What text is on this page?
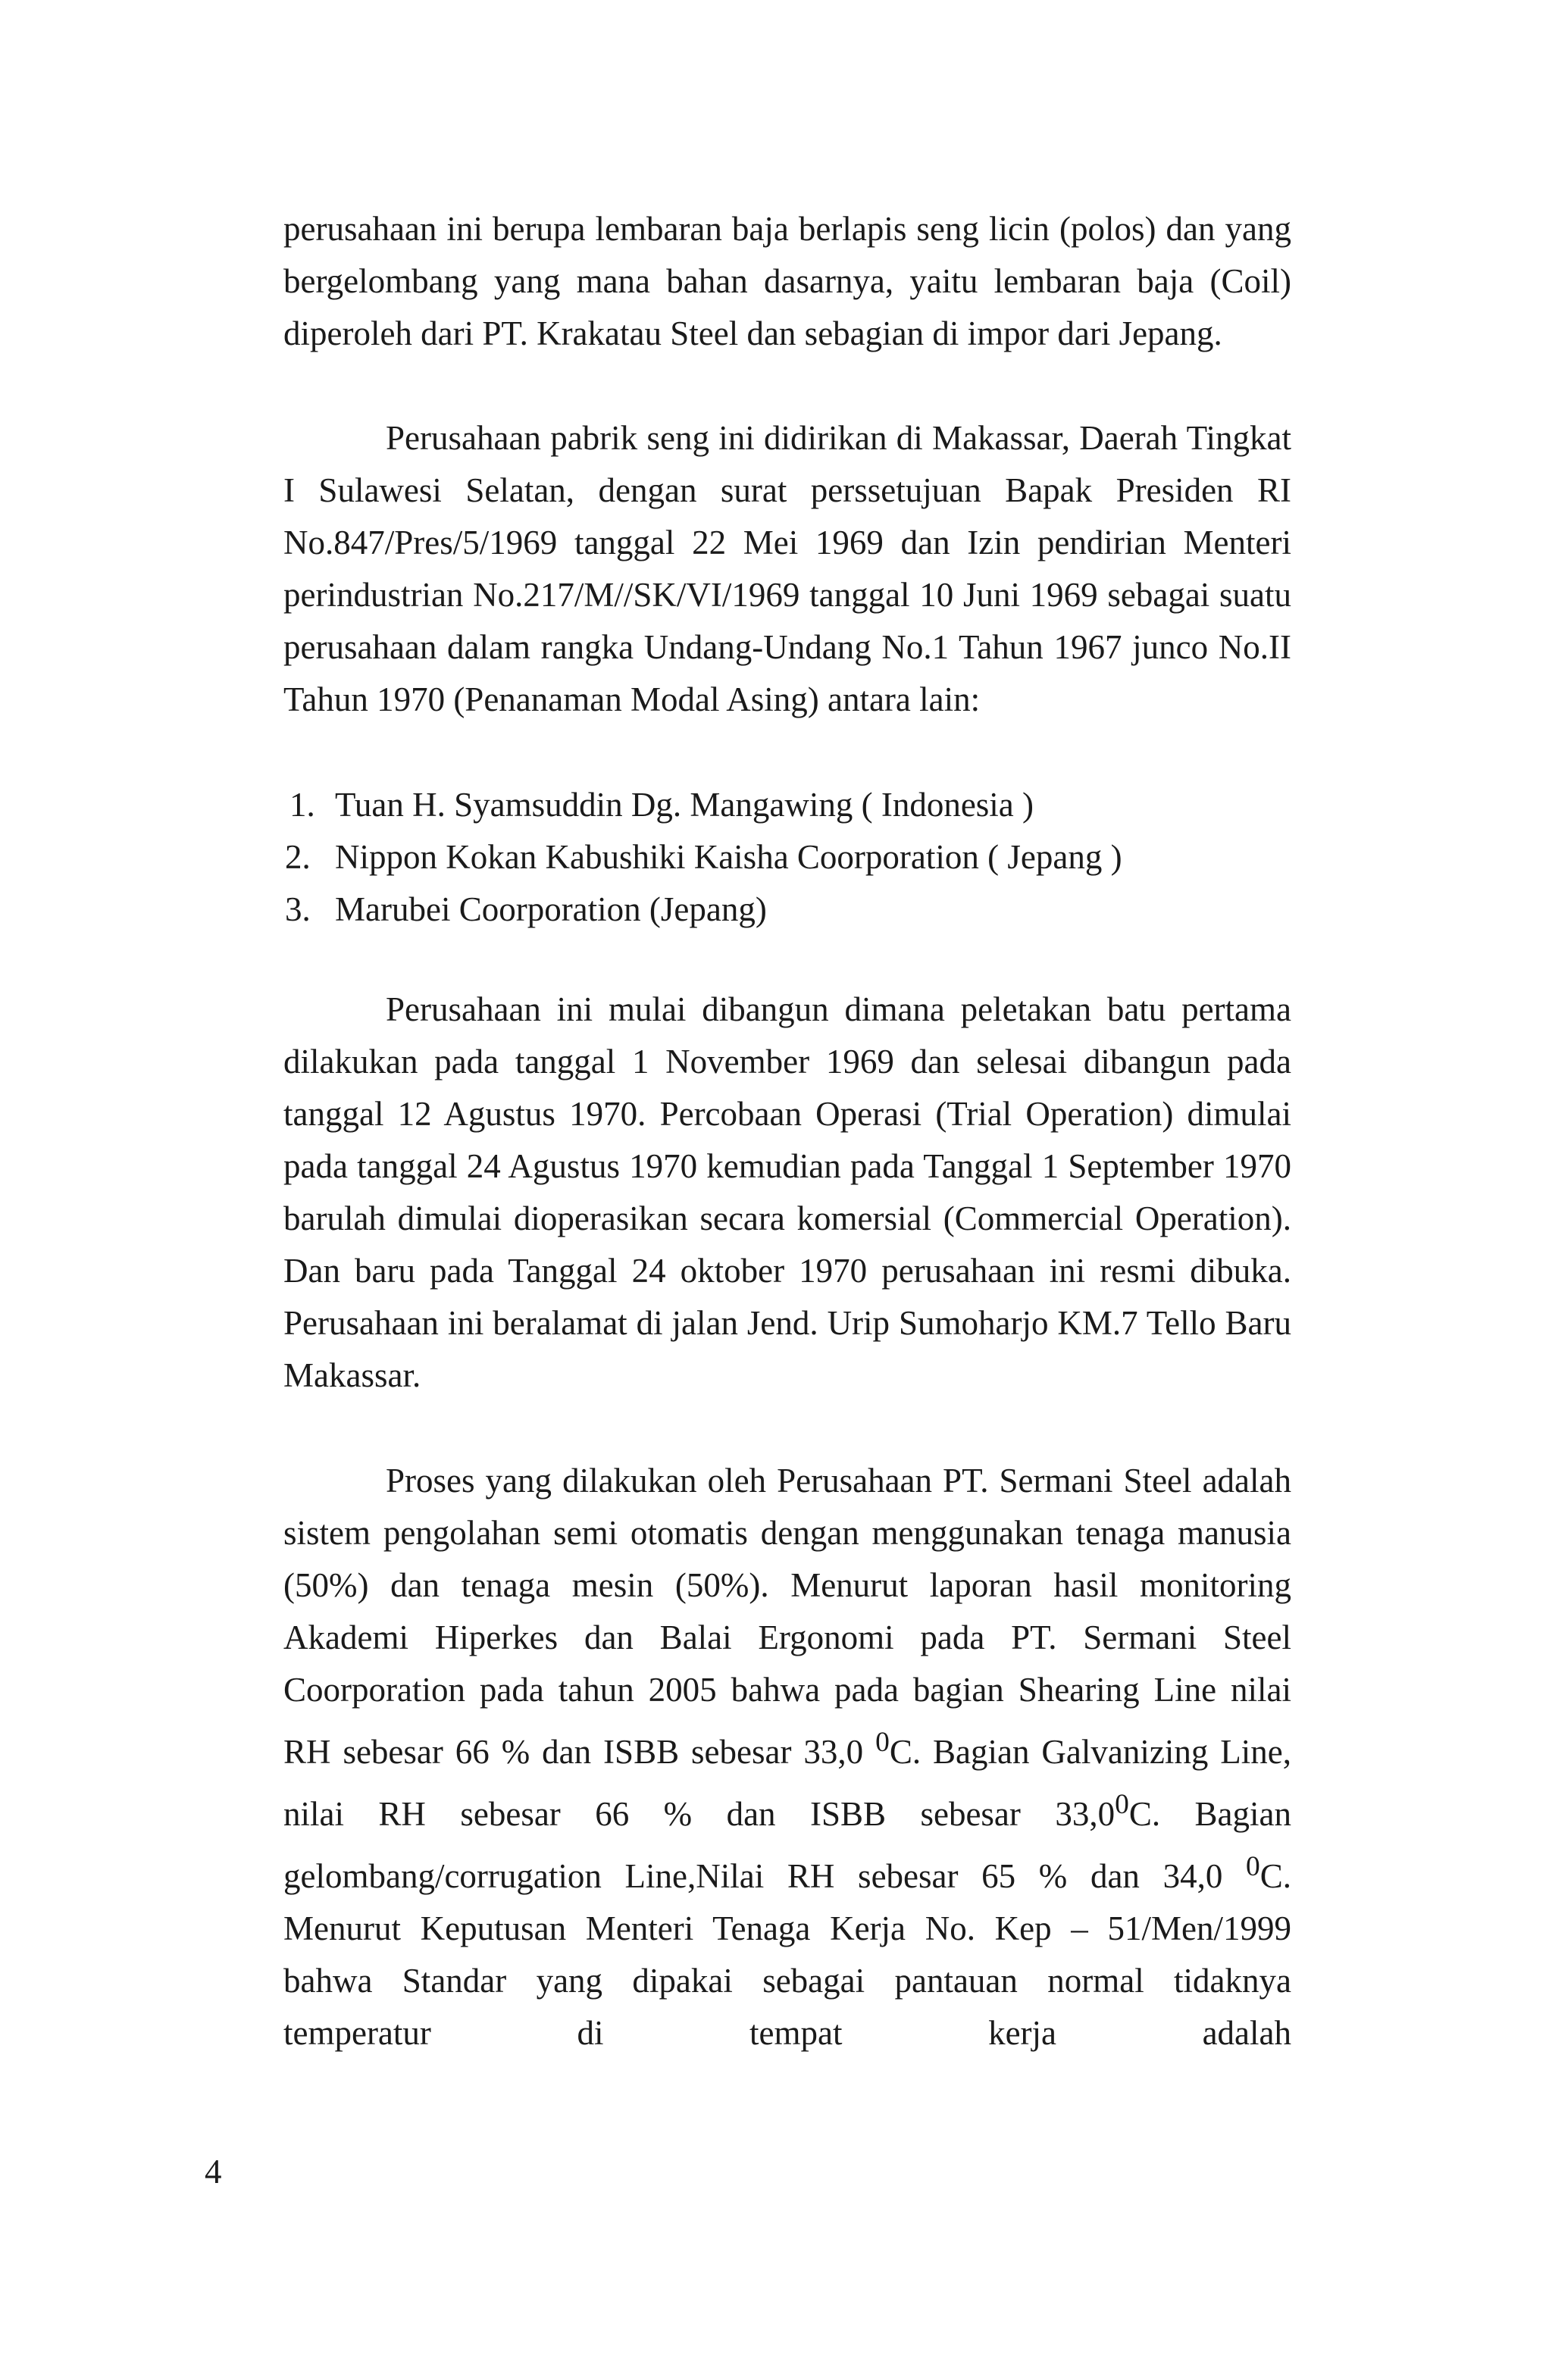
perusahaan ini berupa lembaran baja berlapis seng licin (polos) dan yang bergelombang yang mana bahan dasarnya, yaitu lembaran baja (Coil) diperoleh dari PT. Krakatau Steel dan sebagian di impor dari Jepang.

Perusahaan pabrik seng ini didirikan di Makassar, Daerah Tingkat I Sulawesi Selatan, dengan surat perssetujuan Bapak Presiden RI No.847/Pres/5/1969 tanggal 22 Mei 1969 dan Izin pendirian Menteri perindustrian No.217/M//SK/VI/1969 tanggal 10 Juni 1969 sebagai suatu perusahaan dalam rangka Undang-Undang No.1 Tahun 1967 junco No.II Tahun 1970 (Penanaman Modal Asing) antara lain:

1. Tuan H. Syamsuddin Dg. Mangawing ( Indonesia )
2. Nippon Kokan Kabushiki Kaisha Coorporation ( Jepang )
3. Marubei Coorporation (Jepang)

Perusahaan ini mulai dibangun dimana peletakan batu pertama dilakukan pada tanggal 1 November 1969 dan selesai dibangun pada tanggal 12 Agustus 1970. Percobaan Operasi (Trial Operation) dimulai pada tanggal 24 Agustus 1970 kemudian pada Tanggal 1 September 1970 barulah dimulai dioperasikan secara komersial (Commercial Operation). Dan baru pada Tanggal 24 oktober 1970 perusahaan ini resmi dibuka. Perusahaan ini beralamat di jalan Jend. Urip Sumoharjo KM.7 Tello Baru Makassar.

Proses yang dilakukan oleh Perusahaan PT. Sermani Steel adalah sistem pengolahan semi otomatis dengan menggunakan tenaga manusia (50%) dan tenaga mesin (50%). Menurut laporan hasil monitoring Akademi Hiperkes dan Balai Ergonomi pada PT. Sermani Steel Coorporation pada tahun 2005 bahwa pada bagian Shearing Line nilai RH sebesar 66 % dan ISBB sebesar 33,0 $^0$C. Bagian Galvanizing Line, nilai RH sebesar 66 % dan ISBB sebesar 33,0$^0$C. Bagian gelombang/corrugation Line,Nilai RH sebesar 65 % dan 34,0 $^0$C. Menurut Keputusan Menteri Tenaga Kerja No. Kep – 51/Men/1999 bahwa Standar yang dipakai sebagai pantauan normal tidaknya temperatur di tempat kerja adalah

4
